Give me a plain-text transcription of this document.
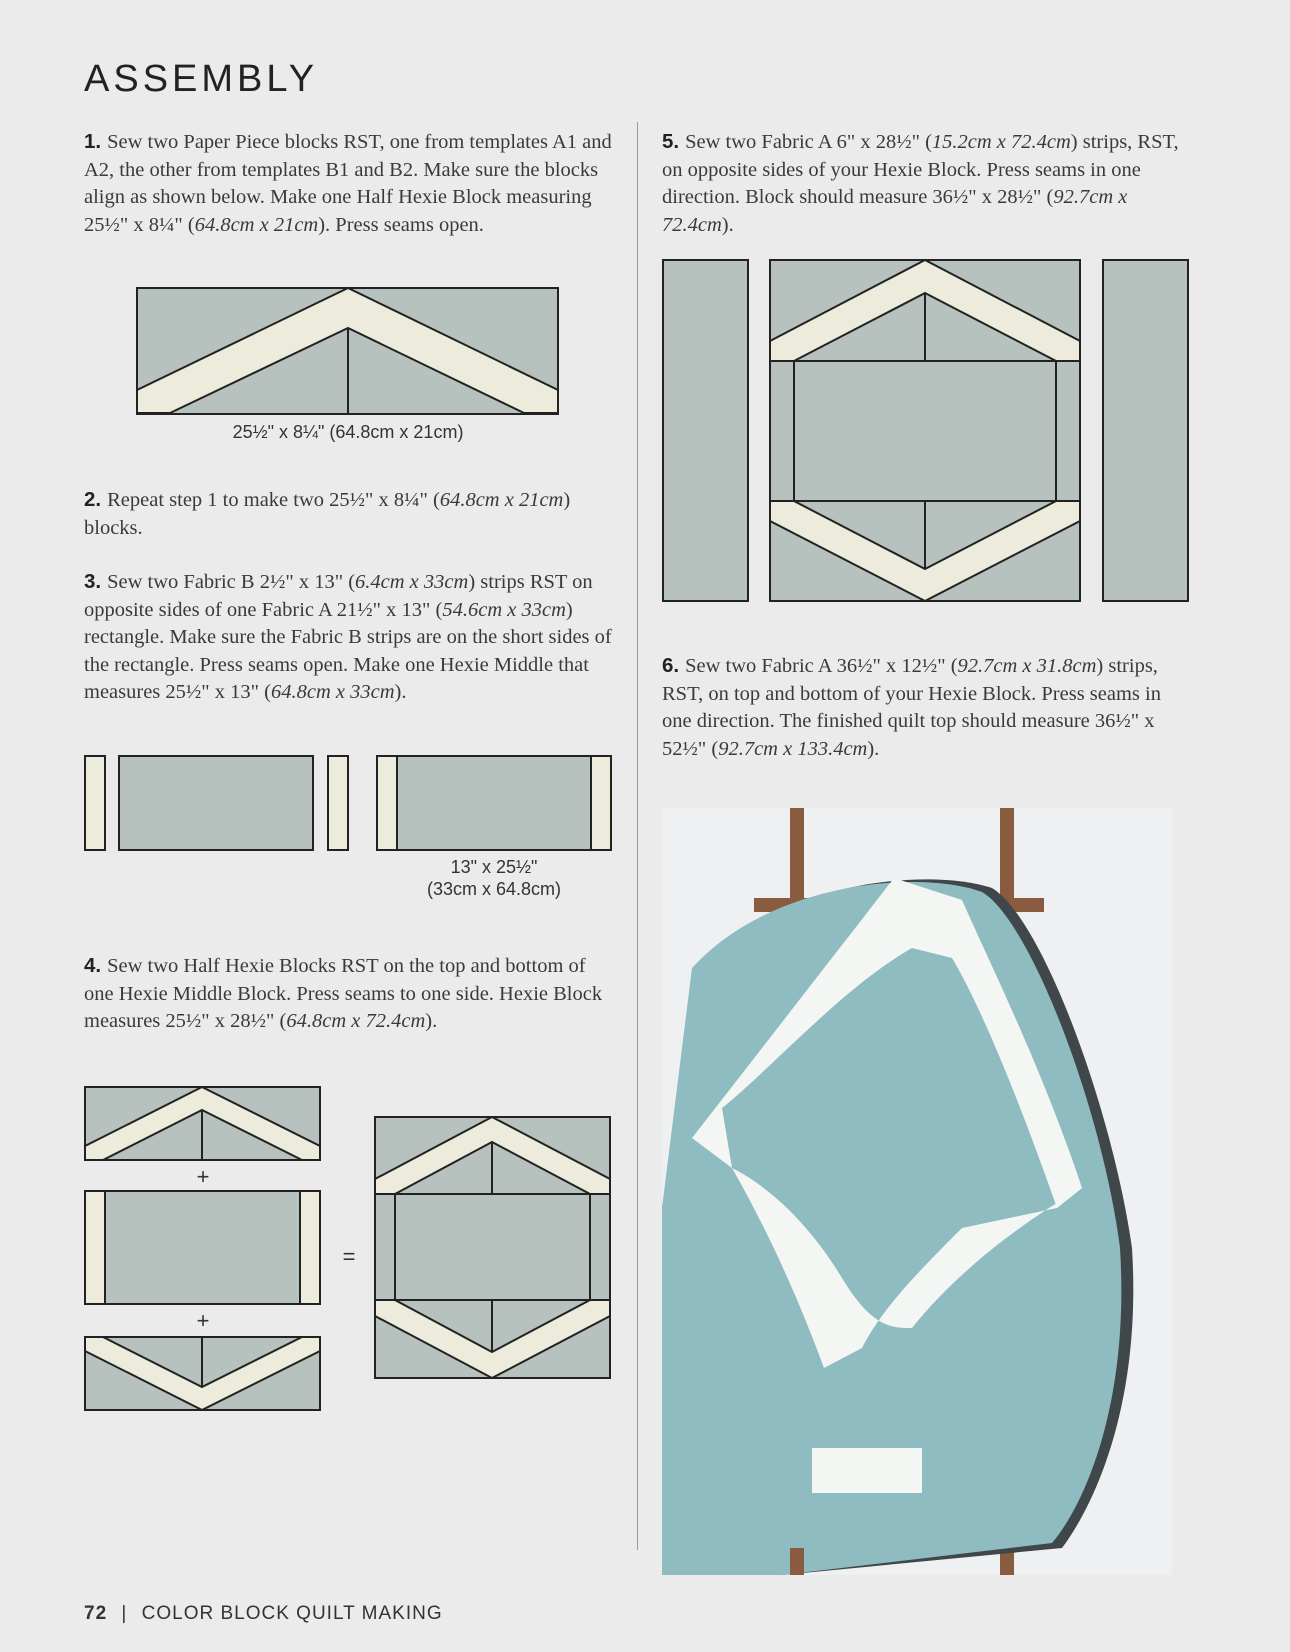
ASSEMBLY
1. Sew two Paper Piece blocks RST, one from templates A1 and A2, the other from templates B1 and B2. Make sure the blocks align as shown below. Make one Half Hexie Block measuring 25½" x 8¼" (64.8cm x 21cm). Press seams open.
25½" x 8¼" (64.8cm x 21cm)
2. Repeat step 1 to make two 25½" x 8¼" (64.8cm x 21cm) blocks.
3. Sew two Fabric B 2½" x 13" (6.4cm x 33cm) strips RST on opposite sides of one Fabric A 21½" x 13" (54.6cm x 33cm) rectangle. Make sure the Fabric B strips are on the short sides of the rectangle. Press seams open. Make one Hexie Middle that measures 25½" x 13" (64.8cm x 33cm).
13" x 25½"
(33cm x 64.8cm)
4. Sew two Half Hexie Blocks RST on the top and bottom of one Hexie Middle Block. Press seams to one side. Hexie Block measures 25½" x 28½" (64.8cm x 72.4cm).
+
+
=
5. Sew two Fabric A 6" x 28½" (15.2cm x 72.4cm) strips, RST, on opposite sides of your Hexie Block. Press seams in one direction. Block should measure 36½" x 28½" (92.7cm x 72.4cm).
6. Sew two Fabric A 36½" x 12½" (92.7cm x 31.8cm) strips, RST, on top and bottom of your Hexie Block. Press seams in one direction. The finished quilt top should measure 36½" x 52½" (92.7cm x 133.4cm).
72 | COLOR BLOCK QUILT MAKING
